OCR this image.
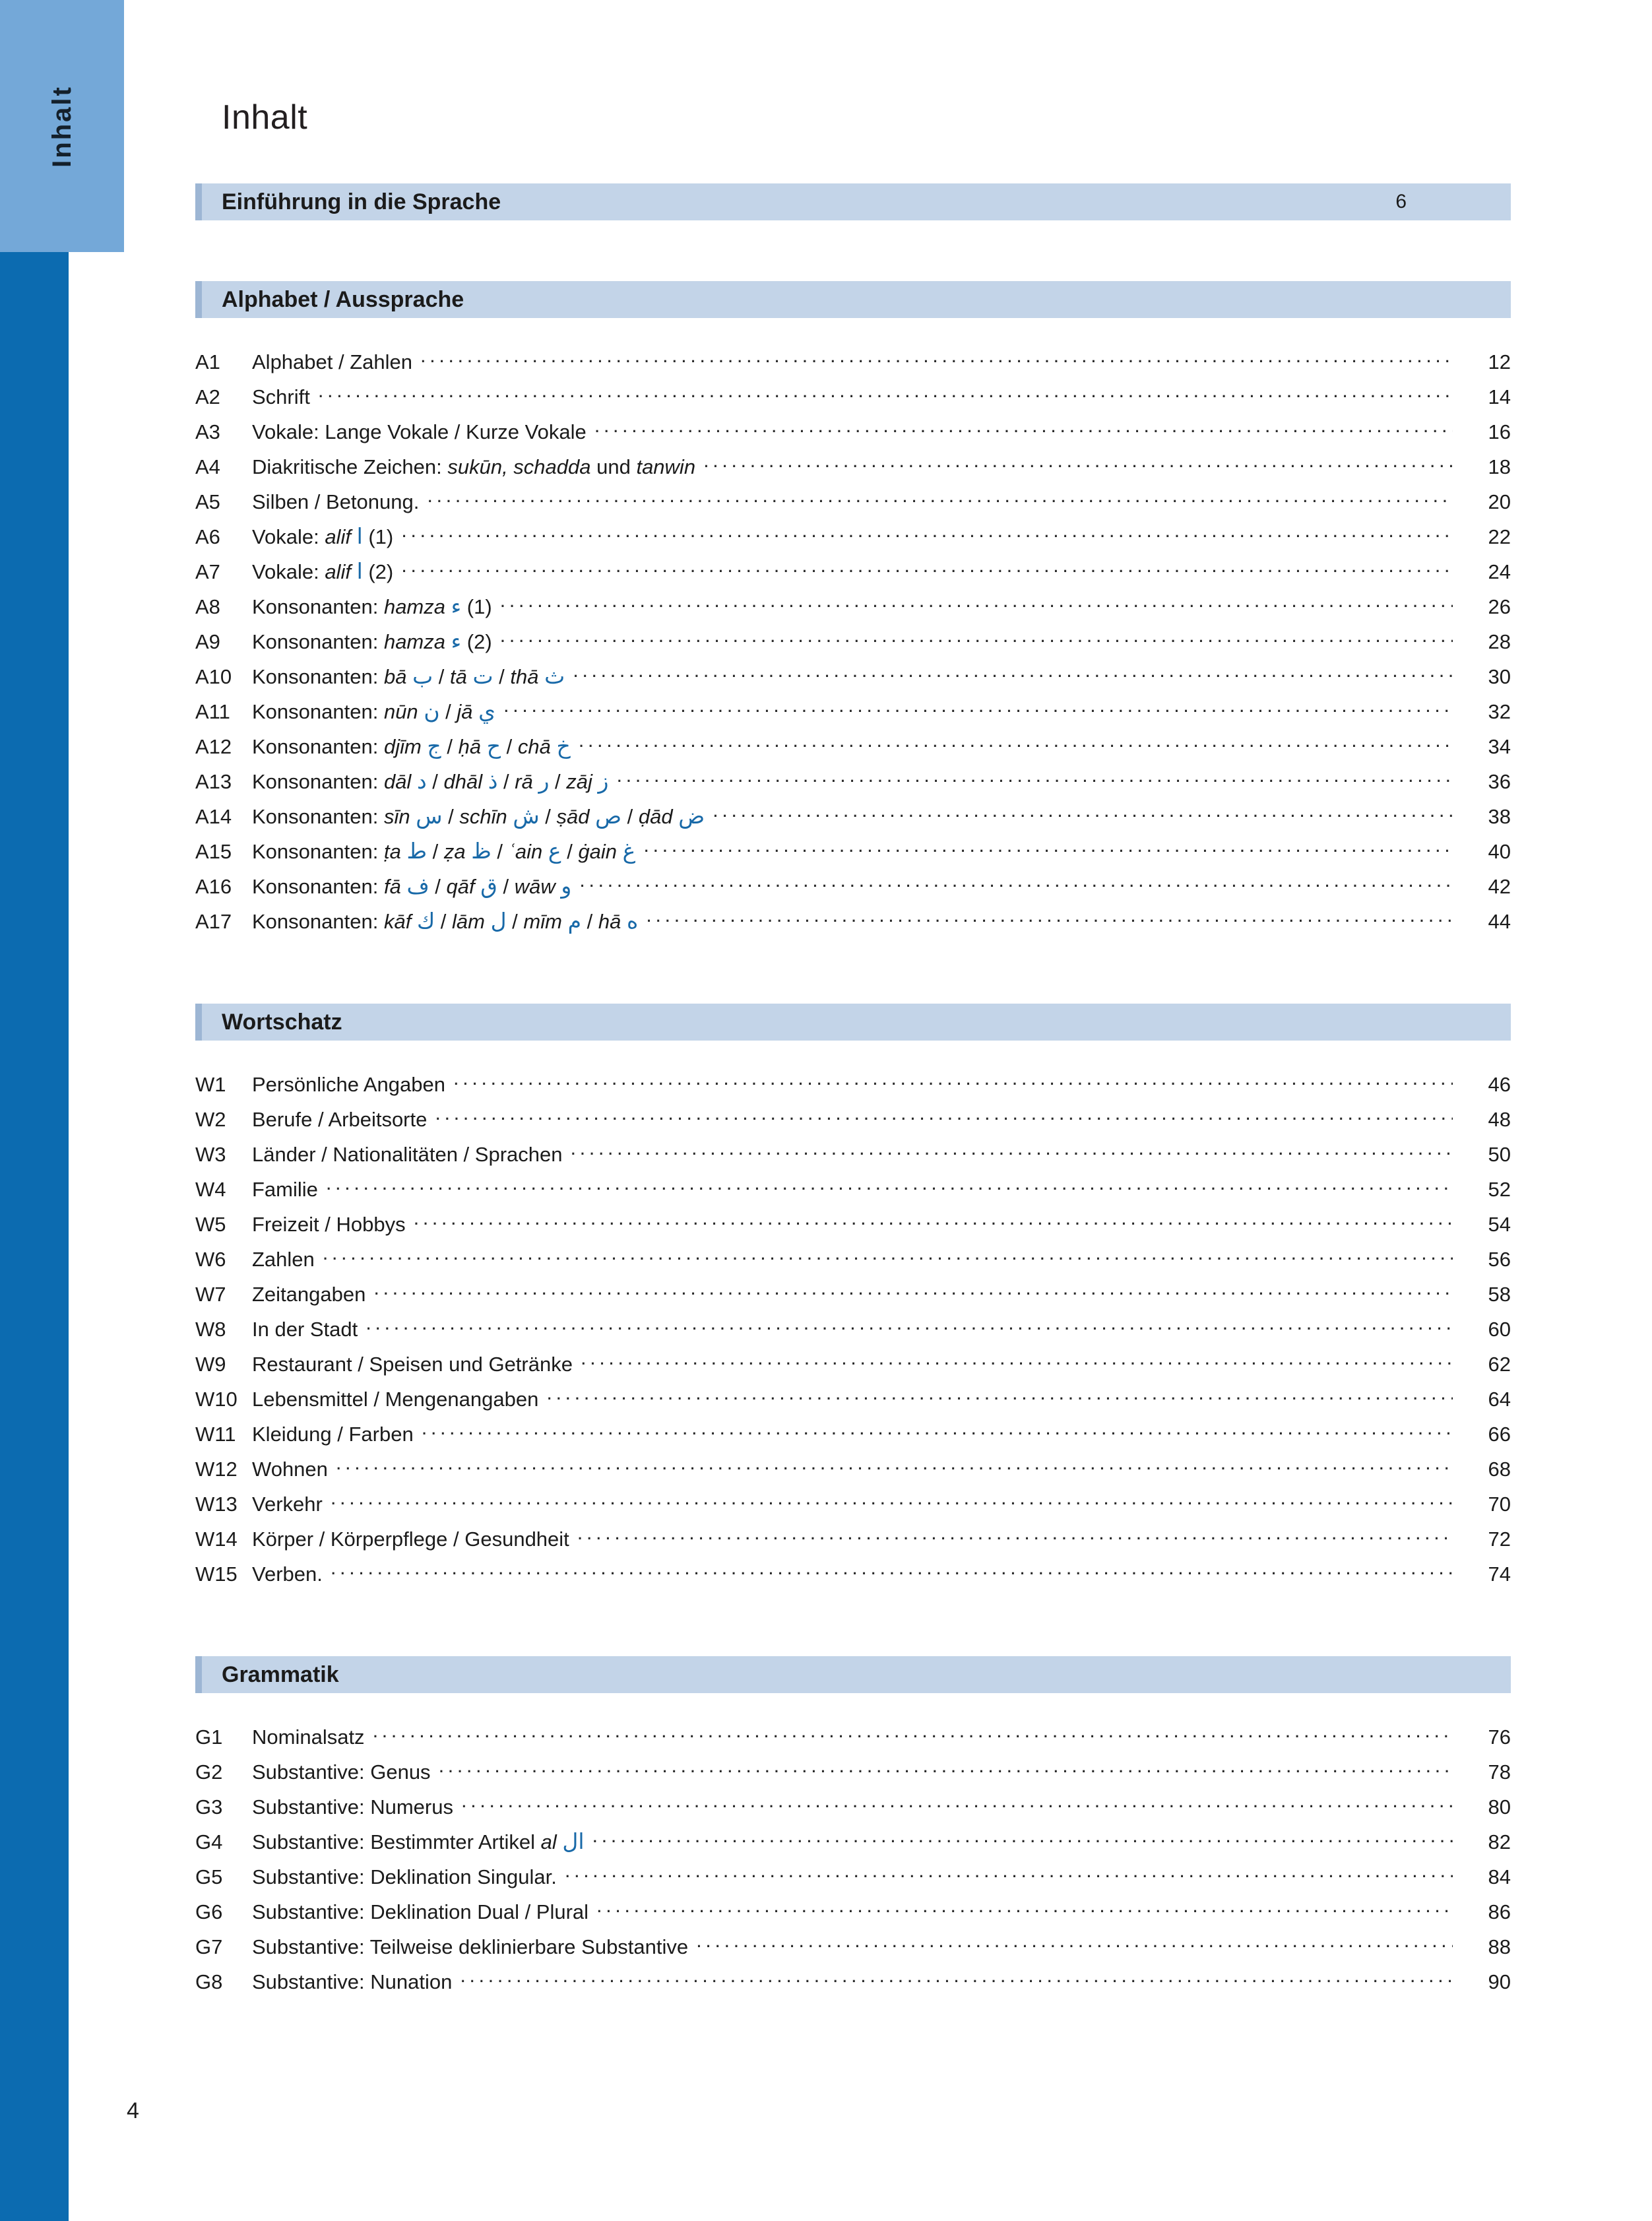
Inhalt	Inhalt
Einführung in die Sprache	6
Alphabet / Aussprache
A1	Alphabet / Zahlen .....	12
A2	Schrift .....	14
A3	Vokale: Lange Vokale / Kurze Vokale .....	16
A4	Diakritische Zeichen: sukūn, schadda und tanwin .....	18
A5	Silben / Betonung. .....	20
A6	Vokale: alif ا (1) .....	22
A7	Vokale: alif ا (2) .....	24
A8	Konsonanten: hamza ء (1) .....	26
A9	Konsonanten: hamza ء (2) .....	28
A10 Konsonanten: bā ب / tā ت / thā ث .....	30
A11	Konsonanten: nūn ن / jā ي .....	32
A12 Konsonanten: djīm ج / ḥā ح / chā خ .....	34
A13 Konsonanten: dāl د / dhāl ذ / rā ر / zāj ز .....	36
A14 Konsonanten: sīn س / schīn ش / ṣād ص / ḍād ض .....	38
A15 Konsonanten: ṭa ط / ẓa ظ / ʿain ع / ġain غ .....	40
A16 Konsonanten: fā ف / qāf ق / wāw و .....	42
A17 Konsonanten: kāf ك / lām ل / mīm م / hā ه .....	44
Wortschatz
W1	Persönliche Angaben .....	46
W2	Berufe / Arbeitsorte .....	48
W3	Länder / Nationalitäten / Sprachen .....	50
W4	Familie .....	52
W5	Freizeit / Hobbys .....	54
W6	Zahlen .....	56
W7	Zeitangaben .....	58
W8	In der Stadt .....	60
W9	Restaurant / Speisen und Getränke .....	62
W10 Lebensmittel / Mengenangaben .....	64
W11 Kleidung / Farben .....	66
W12 Wohnen .....	68
W13 Verkehr .....	70
W14 Körper / Körperpflege / Gesundheit .....	72
W15 Verben. .....	74
Grammatik
G1	Nominalsatz .....	76
G2	Substantive: Genus .....	78
G3	Substantive: Numerus .....	80
G4	Substantive: Bestimmter Artikel al ال .....	82
G5	Substantive: Deklination Singular. .....	84
G6	Substantive: Deklination Dual / Plural .....	86
G7	Substantive: Teilweise deklinierbare Substantive .....	88
G8	Substantive: Nunation .....	90
4
